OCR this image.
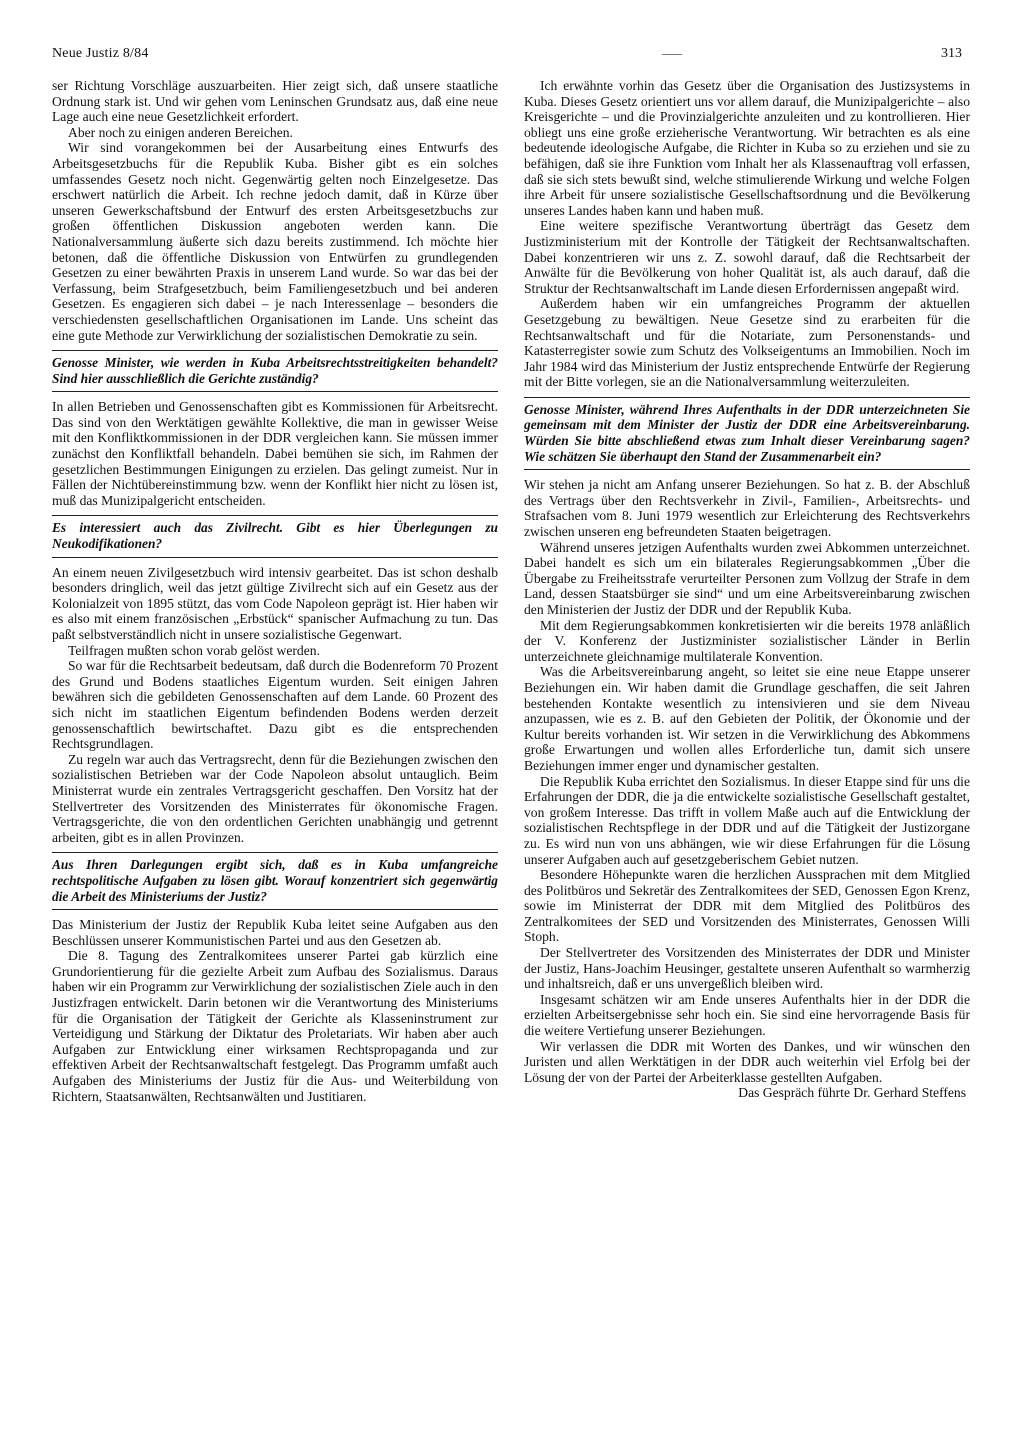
Neue Justiz 8/84	313

ser Richtung Vorschläge auszuarbeiten. Hier zeigt sich, daß unsere staatliche Ordnung stark ist. Und wir gehen vom Leninschen Grundsatz aus, daß eine neue Lage auch eine neue Gesetzlichkeit erfordert.

Aber noch zu einigen anderen Bereichen.

Wir sind vorangekommen bei der Ausarbeitung eines Entwurfs des Arbeitsgesetzbuchs für die Republik Kuba. Bisher gibt es ein solches umfassendes Gesetz noch nicht. Gegenwärtig gelten noch Einzelgesetze. Das erschwert natürlich die Arbeit. Ich rechne jedoch damit, daß in Kürze über unseren Gewerkschaftsbund der Entwurf des ersten Arbeitsgesetzbuchs zur großen öffentlichen Diskussion angeboten werden kann. Die Nationalversammlung äußerte sich dazu bereits zustimmend. Ich möchte hier betonen, daß die öffentliche Diskussion von Entwürfen zu grundlegenden Gesetzen zu einer bewährten Praxis in unserem Land wurde. So war das bei der Verfassung, beim Strafgesetzbuch, beim Familiengesetzbuch und bei anderen Gesetzen. Es engagieren sich dabei – je nach Interessenlage – besonders die verschiedensten gesellschaftlichen Organisationen im Lande. Uns scheint das eine gute Methode zur Verwirklichung der sozialistischen Demokratie zu sein.

Genosse Minister, wie werden in Kuba Arbeitsrechtsstreitigkeiten behandelt? Sind hier ausschließlich die Gerichte zuständig?

In allen Betrieben und Genossenschaften gibt es Kommissionen für Arbeitsrecht. Das sind von den Werktätigen gewählte Kollektive, die man in gewisser Weise mit den Konfliktkommissionen in der DDR vergleichen kann. Sie müssen immer zunächst den Konfliktfall behandeln. Dabei bemühen sie sich, im Rahmen der gesetzlichen Bestimmungen Einigungen zu erzielen. Das gelingt zumeist. Nur in Fällen der Nichtübereinstimmung bzw. wenn der Konflikt hier nicht zu lösen ist, muß das Munizipalgericht entscheiden.

Es interessiert auch das Zivilrecht. Gibt es hier Überlegungen zu Neukodifikationen?

An einem neuen Zivilgesetzbuch wird intensiv gearbeitet. Das ist schon deshalb besonders dringlich, weil das jetzt gültige Zivilrecht sich auf ein Gesetz aus der Kolonialzeit von 1895 stützt, das vom Code Napoleon geprägt ist. Hier haben wir es also mit einem französischen „Erbstück“ spanischer Aufmachung zu tun. Das paßt selbstverständlich nicht in unsere sozialistische Gegenwart.

Teilfragen mußten schon vorab gelöst werden.

So war für die Rechtsarbeit bedeutsam, daß durch die Bodenreform 70 Prozent des Grund und Bodens staatliches Eigentum wurden. Seit einigen Jahren bewähren sich die gebildeten Genossenschaften auf dem Lande. 60 Prozent des sich nicht im staatlichen Eigentum befindenden Bodens werden derzeit genossenschaftlich bewirtschaftet. Dazu gibt es die entsprechenden Rechtsgrundlagen.

Zu regeln war auch das Vertragsrecht, denn für die Beziehungen zwischen den sozialistischen Betrieben war der Code Napoleon absolut untauglich. Beim Ministerrat wurde ein zentrales Vertragsgericht geschaffen. Den Vorsitz hat der Stellvertreter des Vorsitzenden des Ministerrates für ökonomische Fragen. Vertragsgerichte, die von den ordentlichen Gerichten unabhängig und getrennt arbeiten, gibt es in allen Provinzen.

Aus Ihren Darlegungen ergibt sich, daß es in Kuba umfangreiche rechtspolitische Aufgaben zu lösen gibt. Worauf konzentriert sich gegenwärtig die Arbeit des Ministeriums der Justiz?

Das Ministerium der Justiz der Republik Kuba leitet seine Aufgaben aus den Beschlüssen unserer Kommunistischen Partei und aus den Gesetzen ab.

Die 8. Tagung des Zentralkomitees unserer Partei gab kürzlich eine Grundorientierung für die gezielte Arbeit zum Aufbau des Sozialismus. Daraus haben wir ein Programm zur Verwirklichung der sozialistischen Ziele auch in den Justizfragen entwickelt. Darin betonen wir die Verantwortung des Ministeriums für die Organisation der Tätigkeit der Gerichte als Klasseninstrument zur Verteidigung und Stärkung der Diktatur des Proletariats. Wir haben aber auch Aufgaben zur Entwicklung einer wirksamen Rechtspropaganda und zur effektiven Arbeit der Rechtsanwaltschaft festgelegt. Das Programm umfaßt auch Aufgaben des Ministeriums der Justiz für die Aus- und Weiterbildung von Richtern, Staatsanwälten, Rechtsanwälten und Justitiaren.

Ich erwähnte vorhin das Gesetz über die Organisation des Justizsystems in Kuba. Dieses Gesetz orientiert uns vor allem darauf, die Munizipalgerichte – also Kreisgerichte – und die Provinzialgerichte anzuleiten und zu kontrollieren. Hier obliegt uns eine große erzieherische Verantwortung. Wir betrachten es als eine bedeutende ideologische Aufgabe, die Richter in Kuba so zu erziehen und sie zu befähigen, daß sie ihre Funktion vom Inhalt her als Klassenauftrag voll erfassen, daß sie sich stets bewußt sind, welche stimulierende Wirkung und welche Folgen ihre Arbeit für unsere sozialistische Gesellschaftsordnung und die Bevölkerung unseres Landes haben kann und haben muß.

Eine weitere spezifische Verantwortung überträgt das Gesetz dem Justizministerium mit der Kontrolle der Tätigkeit der Rechtsanwaltschaften. Dabei konzentrieren wir uns z. Z. sowohl darauf, daß die Rechtsarbeit der Anwälte für die Bevölkerung von hoher Qualität ist, als auch darauf, daß die Struktur der Rechtsanwaltschaft im Lande diesen Erfordernissen angepaßt wird.

Außerdem haben wir ein umfangreiches Programm der aktuellen Gesetzgebung zu bewältigen. Neue Gesetze sind zu erarbeiten für die Rechtsanwaltschaft und für die Notariate, zum Personenstands- und Katasterregister sowie zum Schutz des Volkseigentums an Immobilien. Noch im Jahr 1984 wird das Ministerium der Justiz entsprechende Entwürfe der Regierung mit der Bitte vorlegen, sie an die Nationalversammlung weiterzuleiten.

Genosse Minister, während Ihres Aufenthalts in der DDR unterzeichneten Sie gemeinsam mit dem Minister der Justiz der DDR eine Arbeitsvereinbarung. Würden Sie bitte abschließend etwas zum Inhalt dieser Vereinbarung sagen? Wie schätzen Sie überhaupt den Stand der Zusammenarbeit ein?

Wir stehen ja nicht am Anfang unserer Beziehungen. So hat z. B. der Abschluß des Vertrags über den Rechtsverkehr in Zivil-, Familien-, Arbeitsrechts- und Strafsachen vom 8. Juni 1979 wesentlich zur Erleichterung des Rechtsverkehrs zwischen unseren eng befreundeten Staaten beigetragen.

Während unseres jetzigen Aufenthalts wurden zwei Abkommen unterzeichnet. Dabei handelt es sich um ein bilaterales Regierungsabkommen „Über die Übergabe zu Freiheitsstrafe verurteilter Personen zum Vollzug der Strafe in dem Land, dessen Staatsbürger sie sind“ und um eine Arbeitsvereinbarung zwischen den Ministerien der Justiz der DDR und der Republik Kuba.

Mit dem Regierungsabkommen konkretisierten wir die bereits 1978 anläßlich der V. Konferenz der Justizminister sozialistischer Länder in Berlin unterzeichnete gleichnamige multilaterale Konvention.

Was die Arbeitsvereinbarung angeht, so leitet sie eine neue Etappe unserer Beziehungen ein. Wir haben damit die Grundlage geschaffen, die seit Jahren bestehenden Kontakte wesentlich zu intensivieren und sie dem Niveau anzupassen, wie es z. B. auf den Gebieten der Politik, der Ökonomie und der Kultur bereits vorhanden ist. Wir setzen in die Verwirklichung des Abkommens große Erwartungen und wollen alles Erforderliche tun, damit sich unsere Beziehungen immer enger und dynamischer gestalten.

Die Republik Kuba errichtet den Sozialismus. In dieser Etappe sind für uns die Erfahrungen der DDR, die ja die entwickelte sozialistische Gesellschaft gestaltet, von großem Interesse. Das trifft in vollem Maße auch auf die Entwicklung der sozialistischen Rechtspflege in der DDR und auf die Tätigkeit der Justizorgane zu. Es wird nun von uns abhängen, wie wir diese Erfahrungen für die Lösung unserer Aufgaben auch auf gesetzgeberischem Gebiet nutzen.

Besondere Höhepunkte waren die herzlichen Aussprachen mit dem Mitglied des Politbüros und Sekretär des Zentralkomitees der SED, Genossen Egon Krenz, sowie im Ministerrat der DDR mit dem Mitglied des Politbüros des Zentralkomitees der SED und Vorsitzenden des Ministerrates, Genossen Willi Stoph.

Der Stellvertreter des Vorsitzenden des Ministerrates der DDR und Minister der Justiz, Hans-Joachim Heusinger, gestaltete unseren Aufenthalt so warmherzig und inhaltsreich, daß er uns unvergeßlich bleiben wird.

Insgesamt schätzen wir am Ende unseres Aufenthalts hier in der DDR die erzielten Arbeitsergebnisse sehr hoch ein. Sie sind eine hervorragende Basis für die weitere Vertiefung unserer Beziehungen.

Wir verlassen die DDR mit Worten des Dankes, und wir wünschen den Juristen und allen Werktätigen in der DDR auch weiterhin viel Erfolg bei der Lösung der von der Partei der Arbeiterklasse gestellten Aufgaben.

Das Gespräch führte Dr. Gerhard Steffens
